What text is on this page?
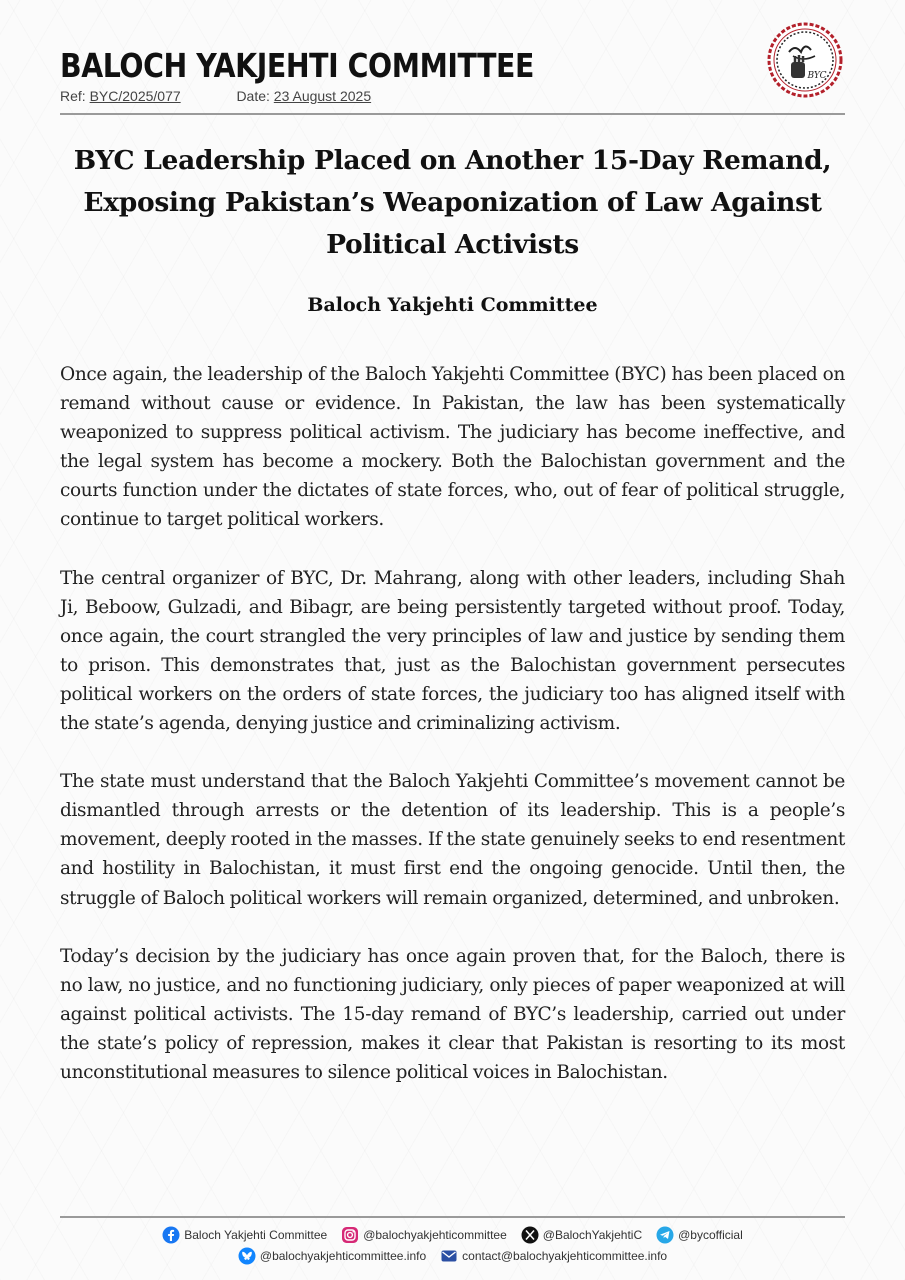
BALOCH YAKJEHTI COMMITTEE
Ref: BYC/2025/077	Date: 23 August 2025
BYC
BYC Leadership Placed on Another 15-Day Remand,
Exposing Pakistan’s Weaponization of Law Against
Political Activists
Baloch Yakjehti Committee

Once again, the leadership of the Baloch Yakjehti Committee (BYC) has been placed on remand without cause or evidence. In Pakistan, the law has been systematically weaponized to suppress political activism. The judiciary has become ineffective, and the legal system has become a mockery. Both the Balochistan government and the courts function under the dictates of state forces, who, out of fear of political struggle, continue to target political workers.

The central organizer of BYC, Dr. Mahrang, along with other leaders, including Shah Ji, Beboow, Gulzadi, and Bibagr, are being persistently targeted without proof. Today, once again, the court strangled the very principles of law and justice by sending them to prison. This demonstrates that, just as the Balochistan government persecutes political workers on the orders of state forces, the judiciary too has aligned itself with the state’s agenda, denying justice and criminalizing activism.

The state must understand that the Baloch Yakjehti Committee’s movement cannot be dismantled through arrests or the detention of its leadership. This is a people’s movement, deeply rooted in the masses. If the state genuinely seeks to end resentment and hostility in Balochistan, it must first end the ongoing genocide. Until then, the struggle of Baloch political workers will remain organized, determined, and unbroken.

Today’s decision by the judiciary has once again proven that, for the Baloch, there is no law, no justice, and no functioning judiciary, only pieces of paper weaponized at will against political activists. The 15-day remand of BYC’s leadership, carried out under the state’s policy of repression, makes it clear that Pakistan is resorting to its most unconstitutional measures to silence political voices in Balochistan.

Baloch Yakjehti Committee	@balochyakjehticommittee	@BalochYakjehtiC	@bycofficial
@balochyakjehticommittee.info	contact@balochyakjehticommittee.info
